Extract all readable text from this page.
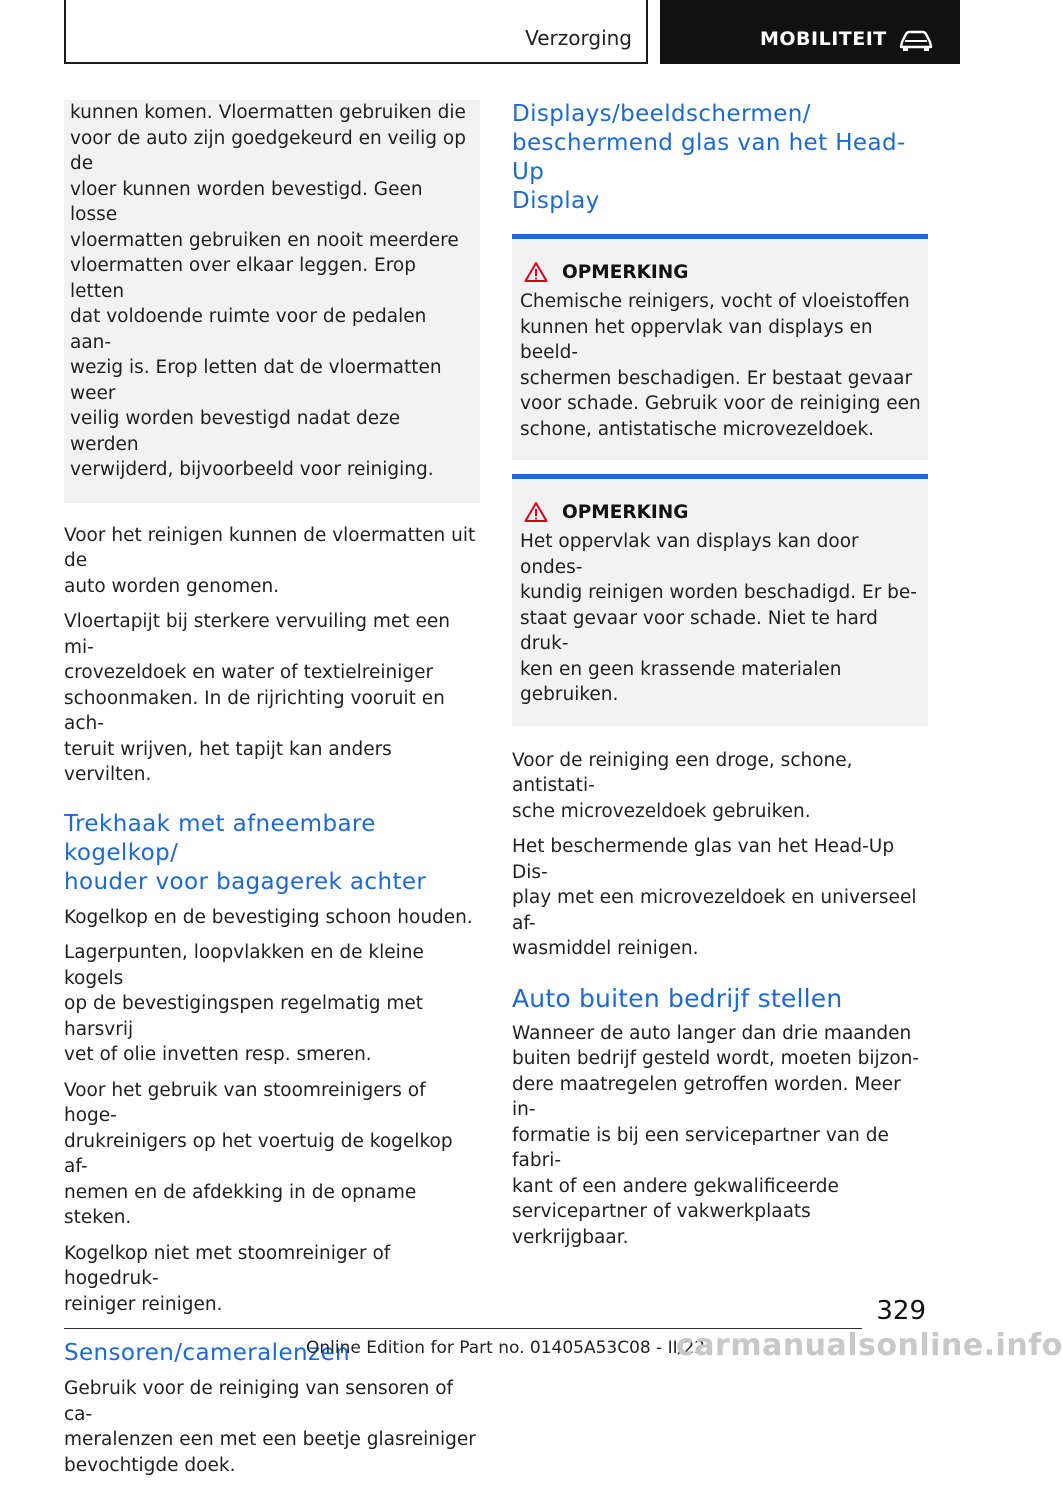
Verzorging	MOBILITEIT

kunnen komen. Vloermatten gebruiken die
voor de auto zijn goedgekeurd en veilig op de
vloer kunnen worden bevestigd. Geen losse
vloermatten gebruiken en nooit meerdere
vloermatten over elkaar leggen. Erop letten
dat voldoende ruimte voor de pedalen aan-
wezig is. Erop letten dat de vloermatten weer
veilig worden bevestigd nadat deze werden
verwijderd, bijvoorbeeld voor reiniging.

Voor het reinigen kunnen de vloermatten uit de
auto worden genomen.

Vloertapijt bij sterkere vervuiling met een mi-
crovezeldoek en water of textielreiniger
schoonmaken. In de rijrichting vooruit en ach-
teruit wrijven, het tapijt kan anders vervilten.

Trekhaak met afneembare kogelkop/
houder voor bagagerek achter

Kogelkop en de bevestiging schoon houden.

Lagerpunten, loopvlakken en de kleine kogels
op de bevestigingspen regelmatig met harsvrij
vet of olie invetten resp. smeren.

Voor het gebruik van stoomreinigers of hoge-
drukreinigers op het voertuig de kogelkop af-
nemen en de afdekking in de opname steken.

Kogelkop niet met stoomreiniger of hogedruk-
reiniger reinigen.

Sensoren/cameralenzen

Gebruik voor de reiniging van sensoren of ca-
meralenzen een met een beetje glasreiniger
bevochtigde doek.

Displays/beeldschermen/
beschermend glas van het Head-Up
Display
OPMERKING

Chemische reinigers, vocht of vloeistoffen
kunnen het oppervlak van displays en beeld-
schermen beschadigen. Er bestaat gevaar
voor schade. Gebruik voor de reiniging een
schone, antistatische microvezeldoek.

OPMERKING

Het oppervlak van displays kan door ondes-
kundig reinigen worden beschadigd. Er be-
staat gevaar voor schade. Niet te hard druk-
ken en geen krassende materialen gebruiken.

Voor de reiniging een droge, schone, antistati-
sche microvezeldoek gebruiken.

Het beschermende glas van het Head-Up Dis-
play met een microvezeldoek en universeel af-
wasmiddel reinigen.

Auto buiten bedrijf stellen

Wanneer de auto langer dan drie maanden
buiten bedrijf gesteld wordt, moeten bijzon-
dere maatregelen getroffen worden. Meer in-
formatie is bij een servicepartner van de fabri-
kant of een andere gekwalificeerde
servicepartner of vakwerkplaats verkrijgbaar.

329
Online Edition for Part no. 01405A53C08 - II/22
carmanualsonline.info
